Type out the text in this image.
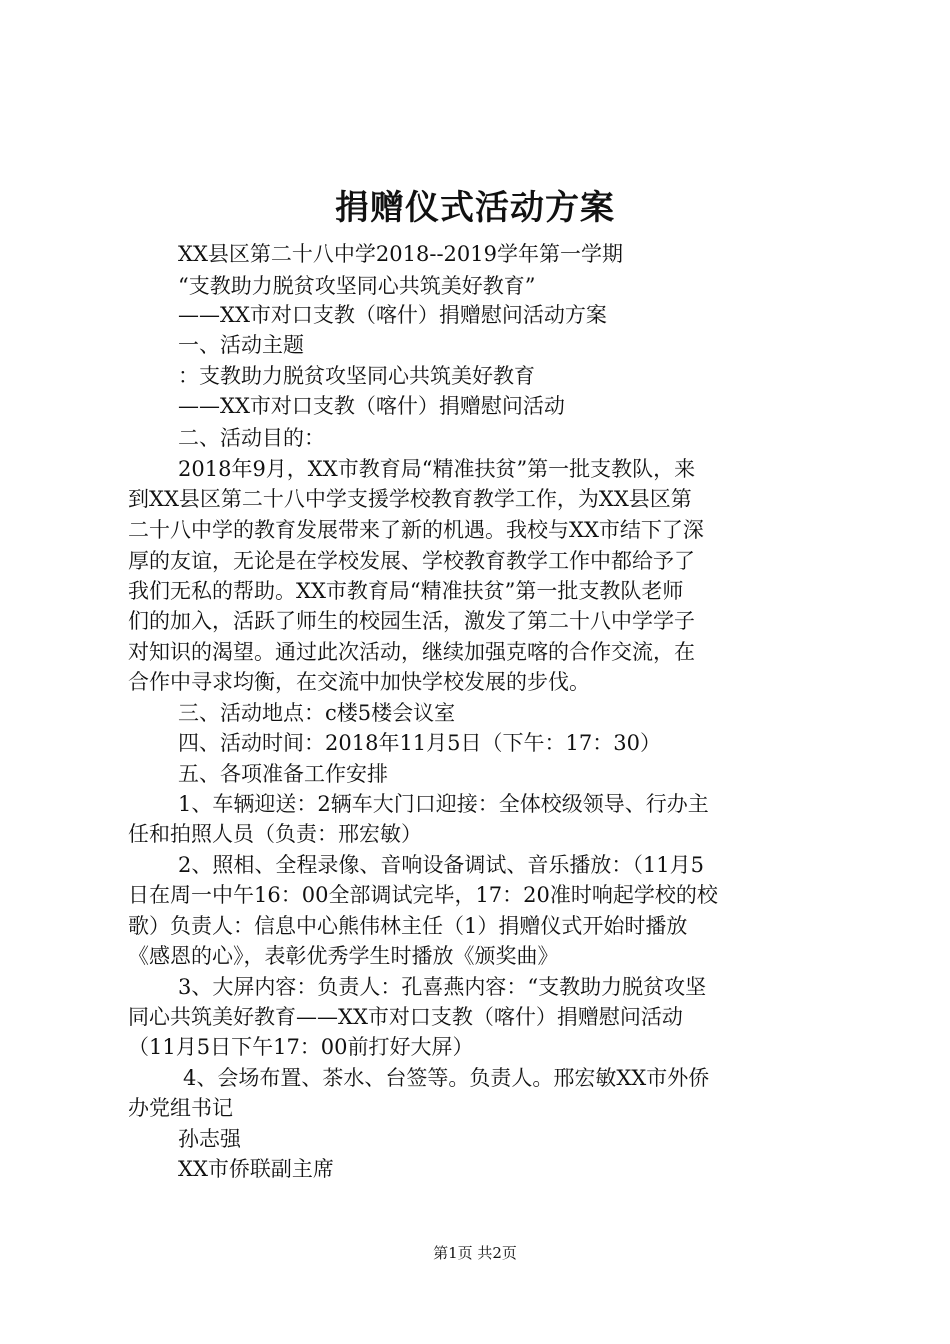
捐赠仪式活动方案
XX县区第二十八中学2018--2019学年第一学期
“支教助力脱贫攻坚同心共筑美好教育”
——XX市对口支教（喀什）捐赠慰问活动方案
一、活动主题
：支教助力脱贫攻坚同心共筑美好教育
——XX市对口支教（喀什）捐赠慰问活动
二、活动目的：
2018年9月，XX市教育局“精准扶贫”第一批支教队，来
到XX县区第二十八中学支援学校教育教学工作，为XX县区第
二十八中学的教育发展带来了新的机遇。我校与XX市结下了深
厚的友谊，无论是在学校发展、学校教育教学工作中都给予了
我们无私的帮助。XX市教育局“精准扶贫”第一批支教队老师
们的加入，活跃了师生的校园生活，激发了第二十八中学学子
对知识的渴望。通过此次活动，继续加强克喀的合作交流，在
合作中寻求均衡，在交流中加快学校发展的步伐。
三、活动地点：c楼5楼会议室
四、活动时间：2018年11月5日（下午：17：30）
五、各项准备工作安排
1、车辆迎送：2辆车大门口迎接：全体校级领导、行办主
任和拍照人员（负责：邢宏敏）
2、照相、全程录像、音响设备调试、音乐播放：（11月5
日在周一中午16：00全部调试完毕，17：20准时响起学校的校
歌）负责人：信息中心熊伟林主任（1）捐赠仪式开始时播放
《感恩的心》，表彰优秀学生时播放《颁奖曲》
3、大屏内容：负责人：孔喜燕内容：“支教助力脱贫攻坚
同心共筑美好教育——XX市对口支教（喀什）捐赠慰问活动
（11月5日下午17：00前打好大屏）
4、会场布置、茶水、台签等。负责人。邢宏敏XX市外侨
办党组书记
孙志强
XX市侨联副主席
第1页 共2页
